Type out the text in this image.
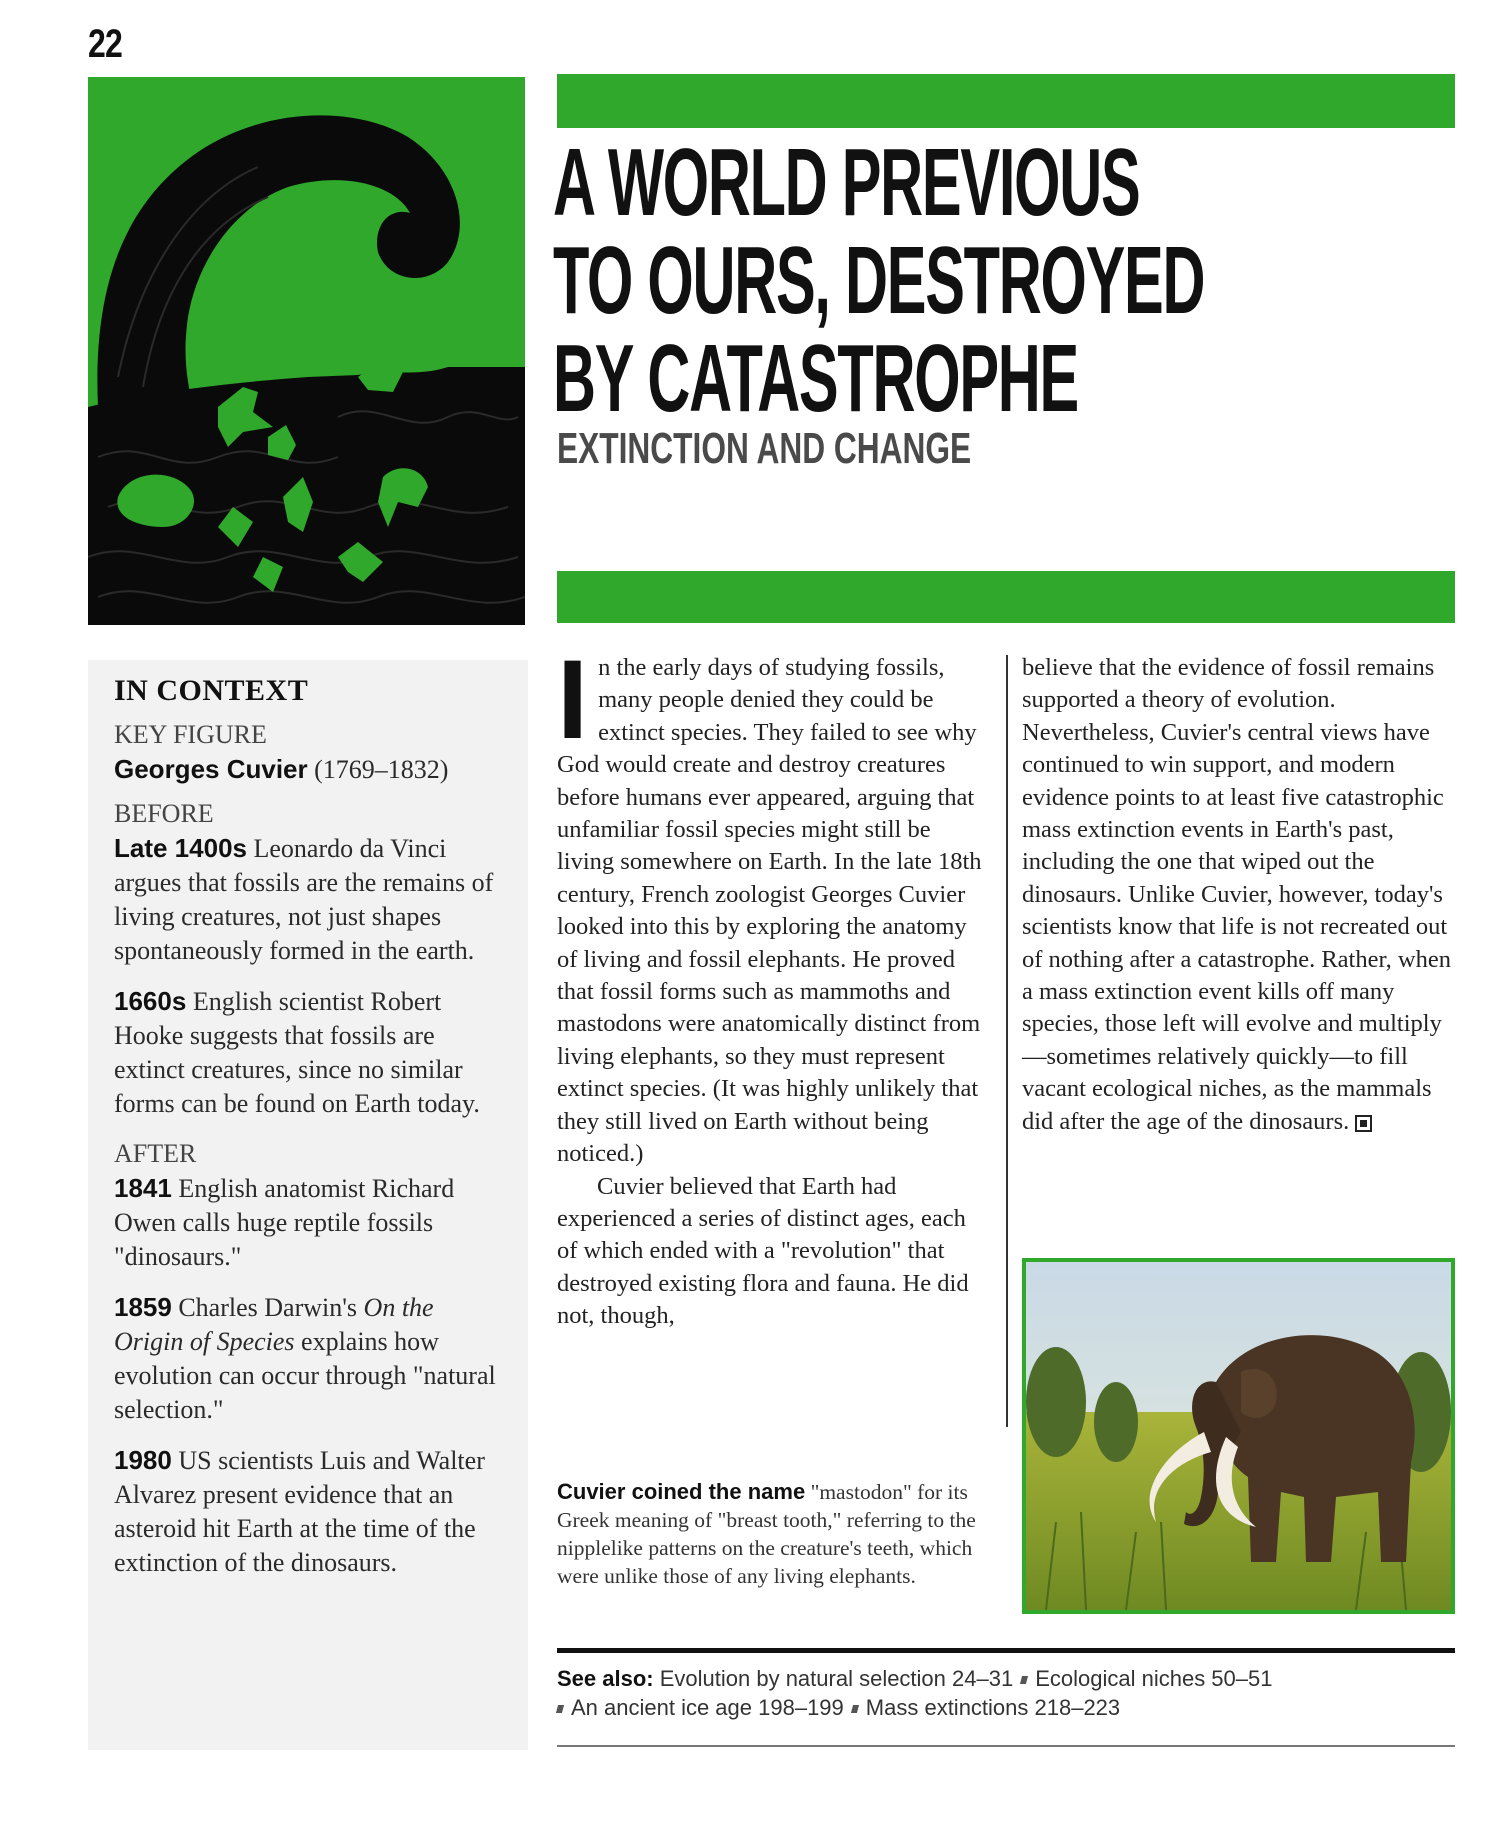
22
A WORLD PREVIOUS
TO OURS, DESTROYED
BY CATASTROPHE
EXTINCTION AND CHANGE
IN CONTEXT
KEY FIGURE
Georges Cuvier (1769–1832)
BEFORE

Late 1400s Leonardo da Vinci argues that fossils are the remains of living creatures, not just shapes spontaneously formed in the earth.

1660s English scientist Robert Hooke suggests that fossils are extinct creatures, since no similar forms can be found on Earth today.

AFTER

1841 English anatomist Richard Owen calls huge reptile fossils "dinosaurs."

1859 Charles Darwin's On the Origin of Species explains how evolution can occur through "natural selection."

1980 US scientists Luis and Walter Alvarez present evidence that an asteroid hit Earth at the time of the extinction of the dinosaurs.

In the early days of studying fossils, many people denied they could be extinct species. They failed to see why God would create and destroy creatures before humans ever appeared, arguing that unfamiliar fossil species might still be living somewhere on Earth. In the late 18th century, French zoologist Georges Cuvier looked into this by exploring the anatomy of living and fossil elephants. He proved that fossil forms such as mammoths and mastodons were anatomically distinct from living elephants, so they must represent extinct species. (It was highly unlikely that they still lived on Earth without being noticed.)

Cuvier believed that Earth had experienced a series of distinct ages, each of which ended with a "revolution" that destroyed existing flora and fauna. He did not, though,

believe that the evidence of fossil remains supported a theory of evolution. Nevertheless, Cuvier's central views have continued to win support, and modern evidence points to at least five catastrophic mass extinction events in Earth's past, including the one that wiped out the dinosaurs. Unlike Cuvier, however, today's scientists know that life is not recreated out of nothing after a catastrophe. Rather, when a mass extinction event kills off many species, those left will evolve and multiply—sometimes relatively quickly—to fill vacant ecological niches, as the mammals did after the age of the dinosaurs.

Cuvier coined the name "mastodon" for its Greek meaning of "breast tooth," referring to the nipplelike patterns on the creature's teeth, which were unlike those of any living elephants.
See also: Evolution by natural selection 24–31 Ecological niches 50–51
An ancient ice age 198–199 Mass extinctions 218–223
